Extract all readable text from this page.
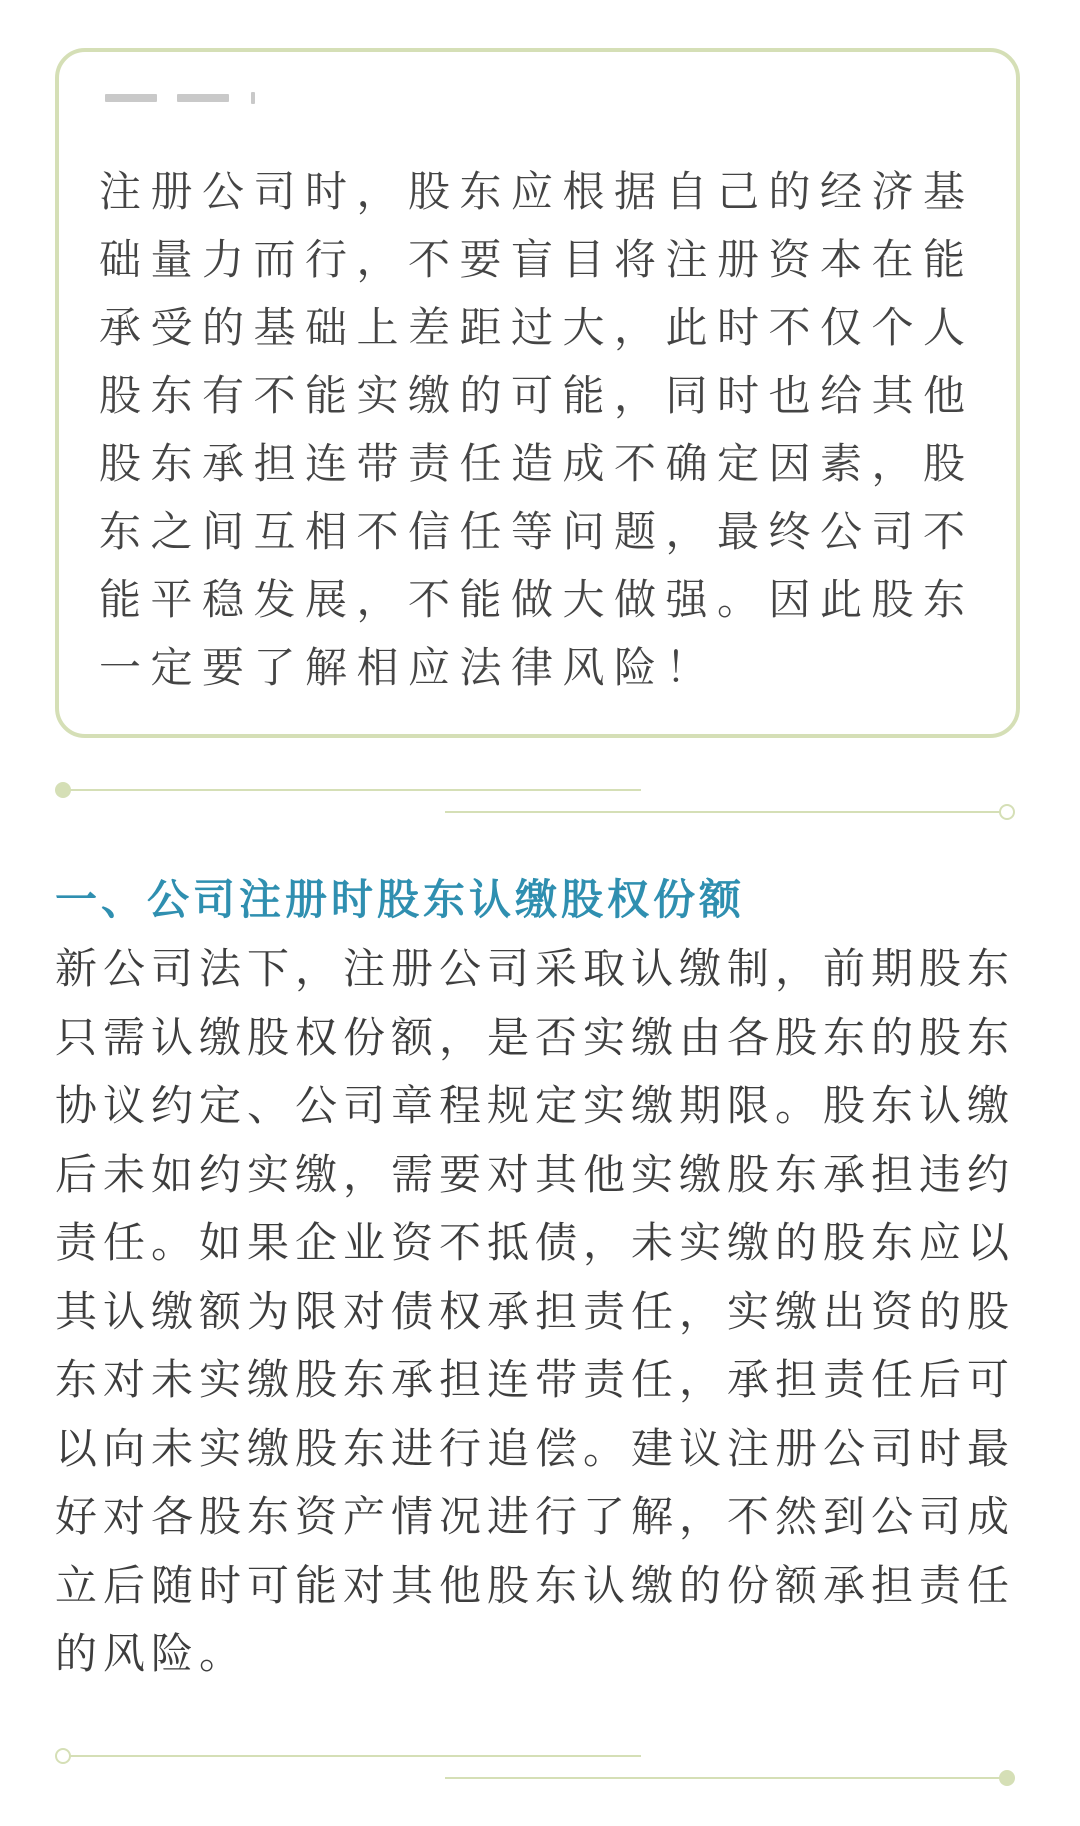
注册公司时，股东应根据自己的经济基础量力而行，不要盲目将注册资本在能承受的基础上差距过大，此时不仅个人股东有不能实缴的可能，同时也给其他股东承担连带责任造成不确定因素，股东之间互相不信任等问题，最终公司不能平稳发展，不能做大做强。因此股东一定要了解相应法律风险！

一、公司注册时股东认缴股权份额

新公司法下，注册公司采取认缴制，前期股东只需认缴股权份额，是否实缴由各股东的股东协议约定、公司章程规定实缴期限。股东认缴后未如约实缴，需要对其他实缴股东承担违约责任。如果企业资不抵债，未实缴的股东应以其认缴额为限对债权承担责任，实缴出资的股东对未实缴股东承担连带责任，承担责任后可以向未实缴股东进行追偿。建议注册公司时最好对各股东资产情况进行了解，不然到公司成立后随时可能对其他股东认缴的份额承担责任的风险。
